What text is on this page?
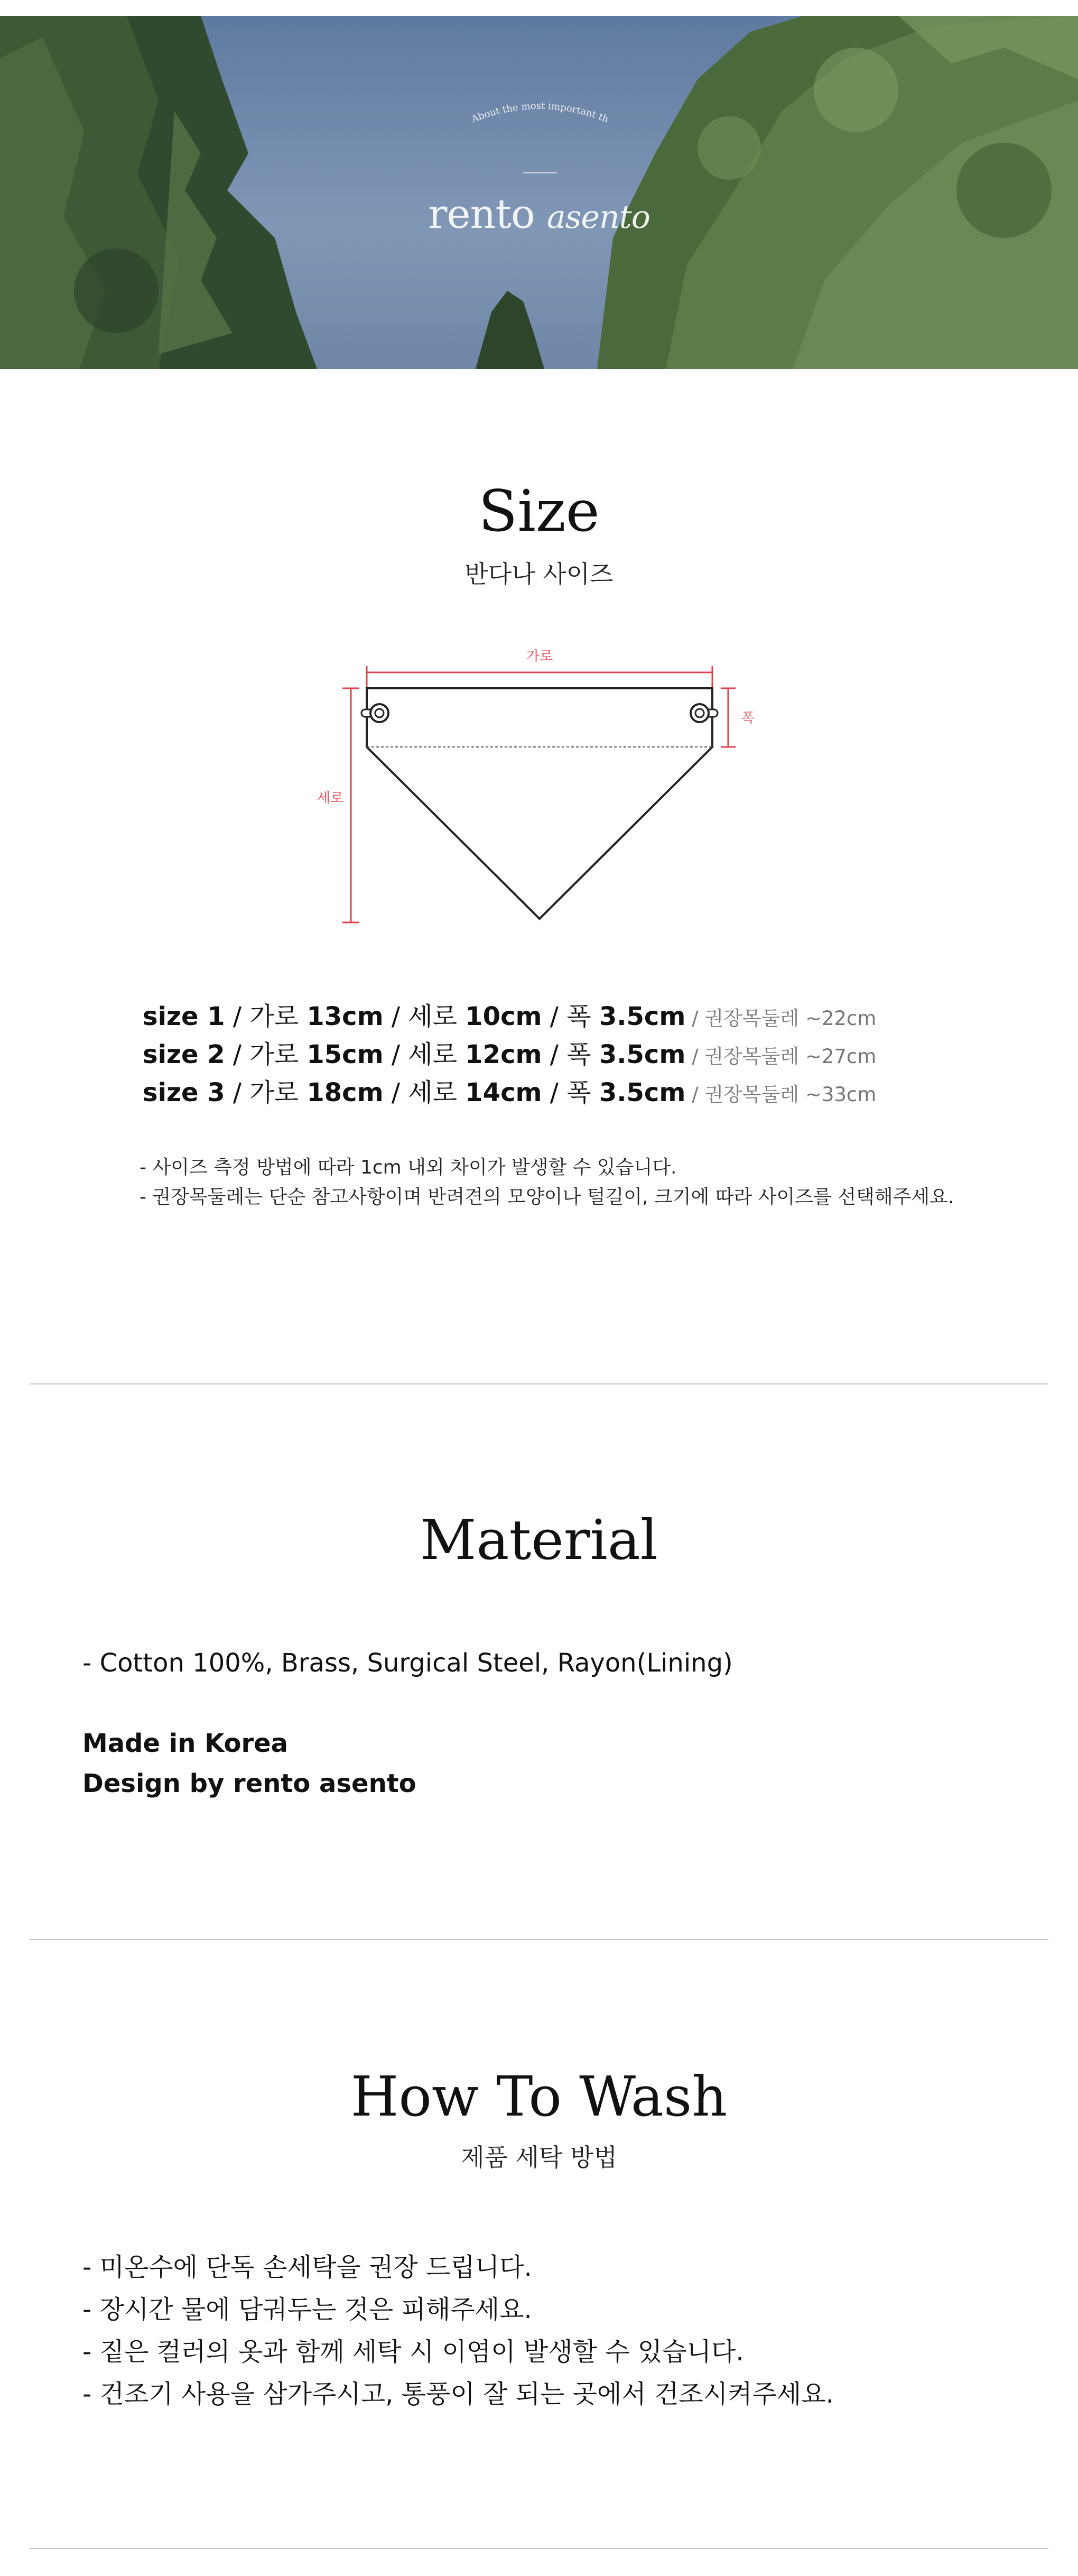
About the most important th
rento asento
Size
반다나 사이즈
가로
세로
폭
size 1 / 가로 13cm / 세로 10cm / 폭 3.5cm / 권장목둘레 ~22cm
size 2 / 가로 15cm / 세로 12cm / 폭 3.5cm / 권장목둘레 ~27cm
size 3 / 가로 18cm / 세로 14cm / 폭 3.5cm / 권장목둘레 ~33cm
- 사이즈 측정 방법에 따라 1cm 내외 차이가 발생할 수 있습니다.
- 권장목둘레는 단순 참고사항이며 반려견의 모양이나 털길이, 크기에 따라 사이즈를 선택해주세요.
Material
- Cotton 100%, Brass, Surgical Steel, Rayon(Lining)
Made in Korea
Design by rento asento
How To Wash
제품 세탁 방법
- 미온수에 단독 손세탁을 권장 드립니다.
- 장시간 물에 담궈두는 것은 피해주세요.
- 짙은 컬러의 옷과 함께 세탁 시 이염이 발생할 수 있습니다.
- 건조기 사용을 삼가주시고, 통풍이 잘 되는 곳에서 건조시켜주세요.
